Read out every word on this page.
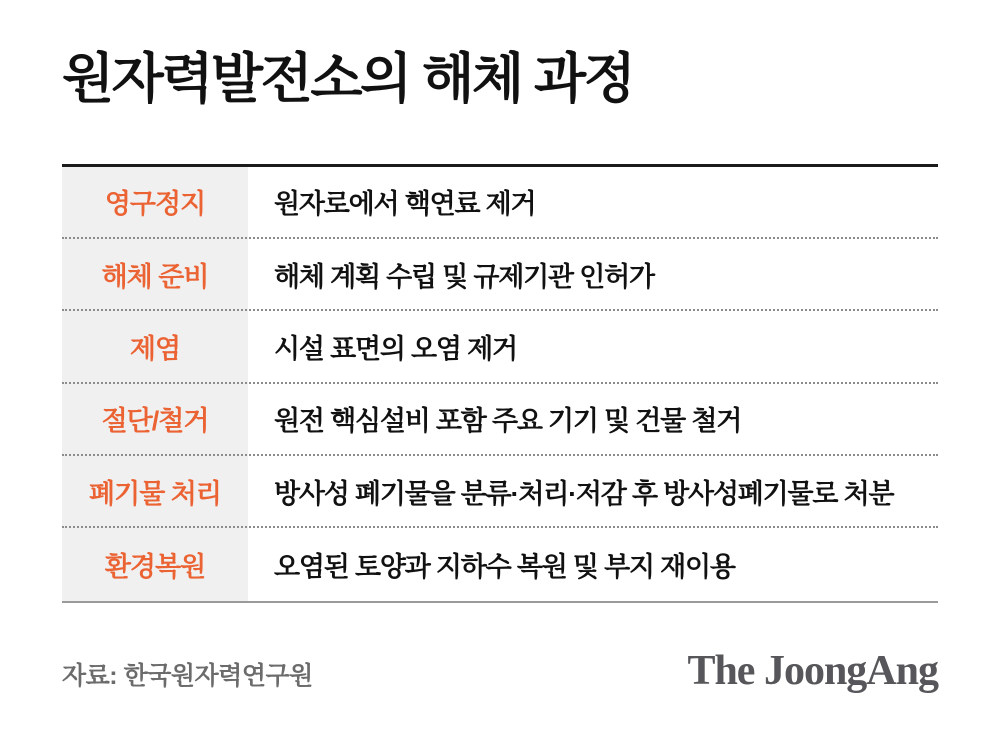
원자력발전소의 해체 과정
영구정지	원자로에서 핵연료 제거
해체 준비	해체 계획 수립 및 규제기관 인허가
제염	시설 표면의 오염 제거
절단/철거	원전 핵심설비 포함 주요 기기 및 건물 철거
폐기물 처리	방사성 폐기물을 분류·처리·저감 후 방사성폐기물로 처분
환경복원	오염된 토양과 지하수 복원 및 부지 재이용
자료: 한국원자력연구원	The JoongAng
